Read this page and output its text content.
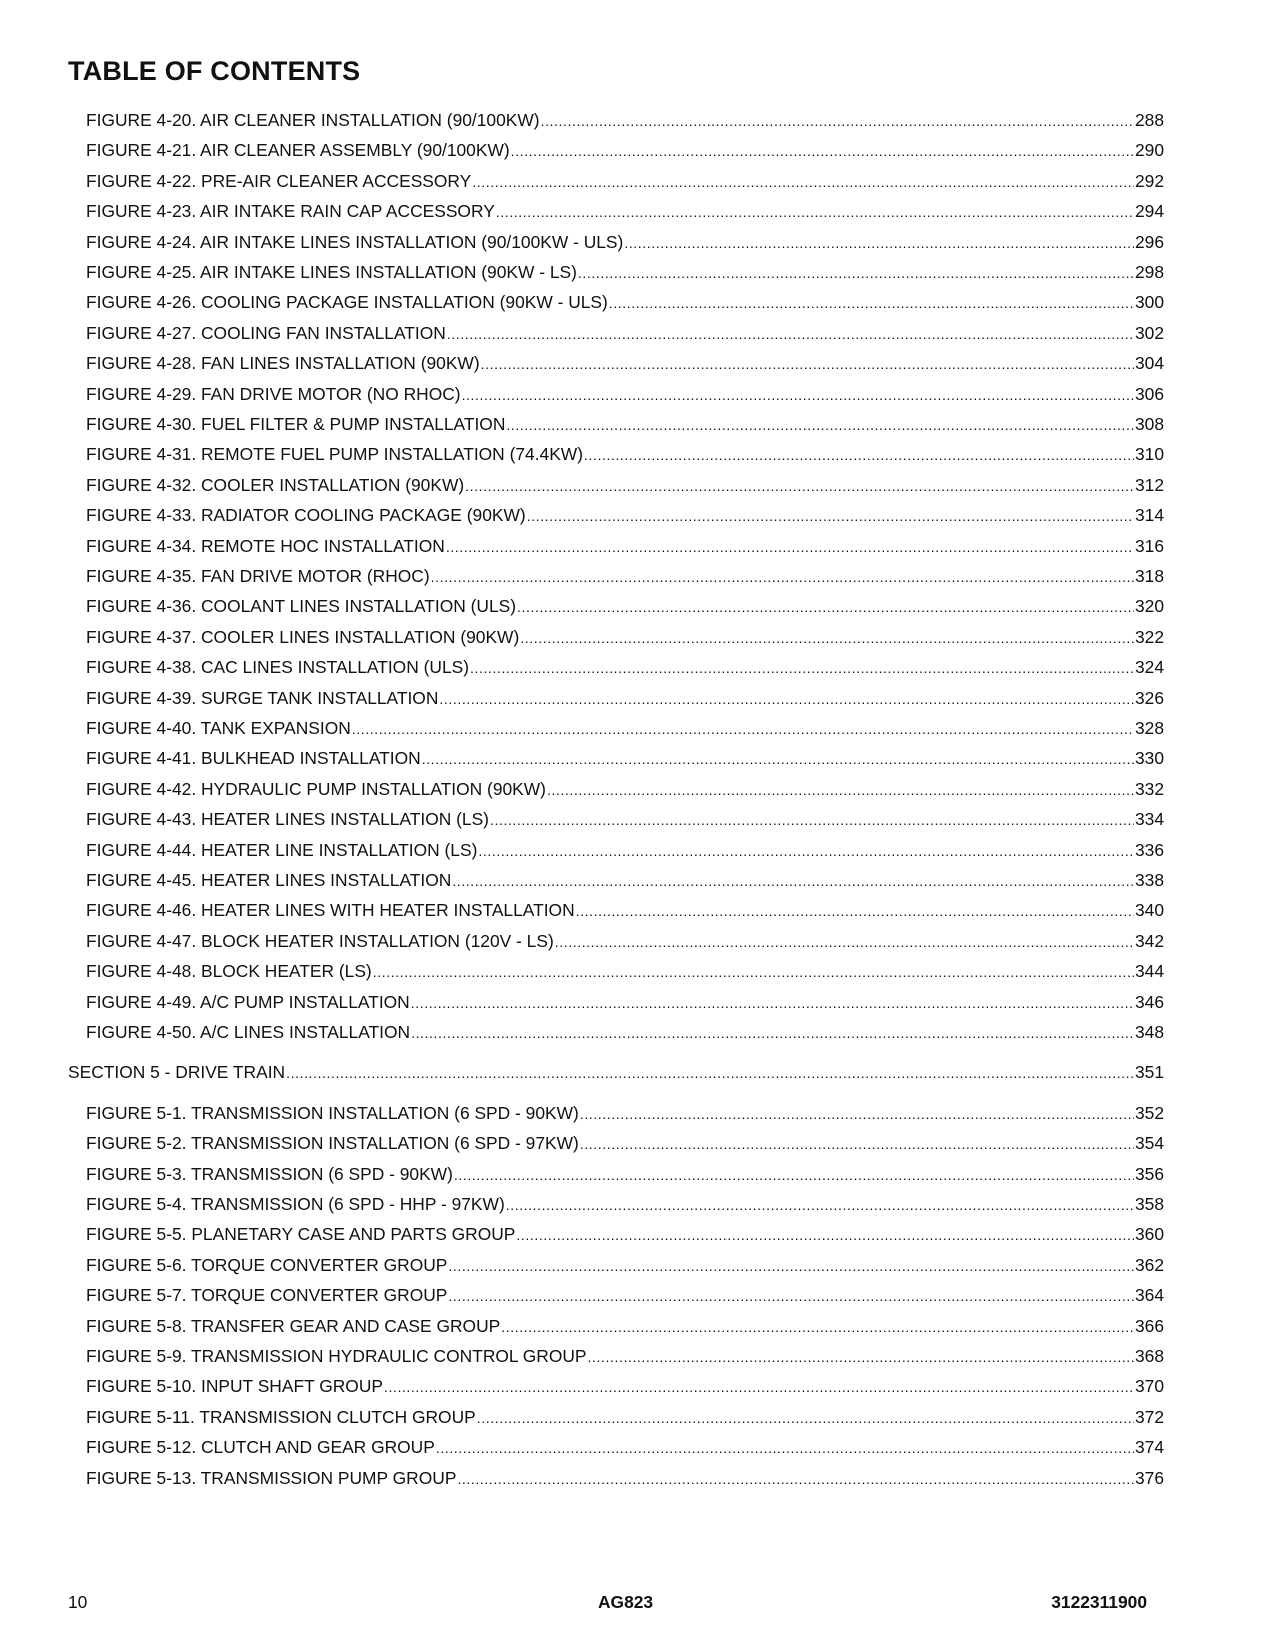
TABLE OF CONTENTS
FIGURE 4-20. AIR CLEANER INSTALLATION (90/100KW) .....	288
FIGURE 4-21. AIR CLEANER ASSEMBLY (90/100KW) .....	290
FIGURE 4-22. PRE-AIR CLEANER ACCESSORY .....	292
FIGURE 4-23. AIR INTAKE RAIN CAP ACCESSORY .....	294
FIGURE 4-24. AIR INTAKE LINES INSTALLATION (90/100KW - ULS) .....	296
FIGURE 4-25. AIR INTAKE LINES INSTALLATION (90KW - LS) .....	298
FIGURE 4-26. COOLING PACKAGE INSTALLATION (90KW - ULS) .....	300
FIGURE 4-27. COOLING FAN INSTALLATION .....	302
FIGURE 4-28. FAN LINES INSTALLATION (90KW) .....	304
FIGURE 4-29. FAN DRIVE MOTOR (NO RHOC) .....	306
FIGURE 4-30. FUEL FILTER & PUMP INSTALLATION .....	308
FIGURE 4-31. REMOTE FUEL PUMP INSTALLATION (74.4KW) .....	310
FIGURE 4-32. COOLER INSTALLATION (90KW) .....	312
FIGURE 4-33. RADIATOR COOLING PACKAGE (90KW) .....	314
FIGURE 4-34. REMOTE HOC INSTALLATION .....	316
FIGURE 4-35. FAN DRIVE MOTOR (RHOC) .....	318
FIGURE 4-36. COOLANT LINES INSTALLATION (ULS) .....	320
FIGURE 4-37. COOLER LINES INSTALLATION (90KW) .....	322
FIGURE 4-38. CAC LINES INSTALLATION (ULS) .....	324
FIGURE 4-39. SURGE TANK INSTALLATION .....	326
FIGURE 4-40. TANK EXPANSION .....	328
FIGURE 4-41. BULKHEAD INSTALLATION .....	330
FIGURE 4-42. HYDRAULIC PUMP INSTALLATION (90KW) .....	332
FIGURE 4-43. HEATER LINES INSTALLATION (LS) .....	334
FIGURE 4-44. HEATER LINE INSTALLATION (LS) .....	336
FIGURE 4-45. HEATER LINES INSTALLATION .....	338
FIGURE 4-46. HEATER LINES WITH HEATER INSTALLATION .....	340
FIGURE 4-47. BLOCK HEATER INSTALLATION (120V - LS) .....	342
FIGURE 4-48. BLOCK HEATER (LS) .....	344
FIGURE 4-49. A/C PUMP INSTALLATION .....	346
FIGURE 4-50. A/C LINES INSTALLATION .....	348
SECTION 5 - DRIVE TRAIN .....	351
FIGURE 5-1. TRANSMISSION INSTALLATION (6 SPD - 90KW) .....	352
FIGURE 5-2. TRANSMISSION INSTALLATION (6 SPD - 97KW) .....	354
FIGURE 5-3. TRANSMISSION (6 SPD - 90KW) .....	356
FIGURE 5-4. TRANSMISSION (6 SPD - HHP - 97KW) .....	358
FIGURE 5-5. PLANETARY CASE AND PARTS GROUP .....	360
FIGURE 5-6. TORQUE CONVERTER GROUP .....	362
FIGURE 5-7. TORQUE CONVERTER GROUP .....	364
FIGURE 5-8. TRANSFER GEAR AND CASE GROUP .....	366
FIGURE 5-9. TRANSMISSION HYDRAULIC CONTROL GROUP .....	368
FIGURE 5-10. INPUT SHAFT GROUP .....	370
FIGURE 5-11. TRANSMISSION CLUTCH GROUP .....	372
FIGURE 5-12. CLUTCH AND GEAR GROUP .....	374
FIGURE 5-13. TRANSMISSION PUMP GROUP .....	376
10	AG823	3122311900
